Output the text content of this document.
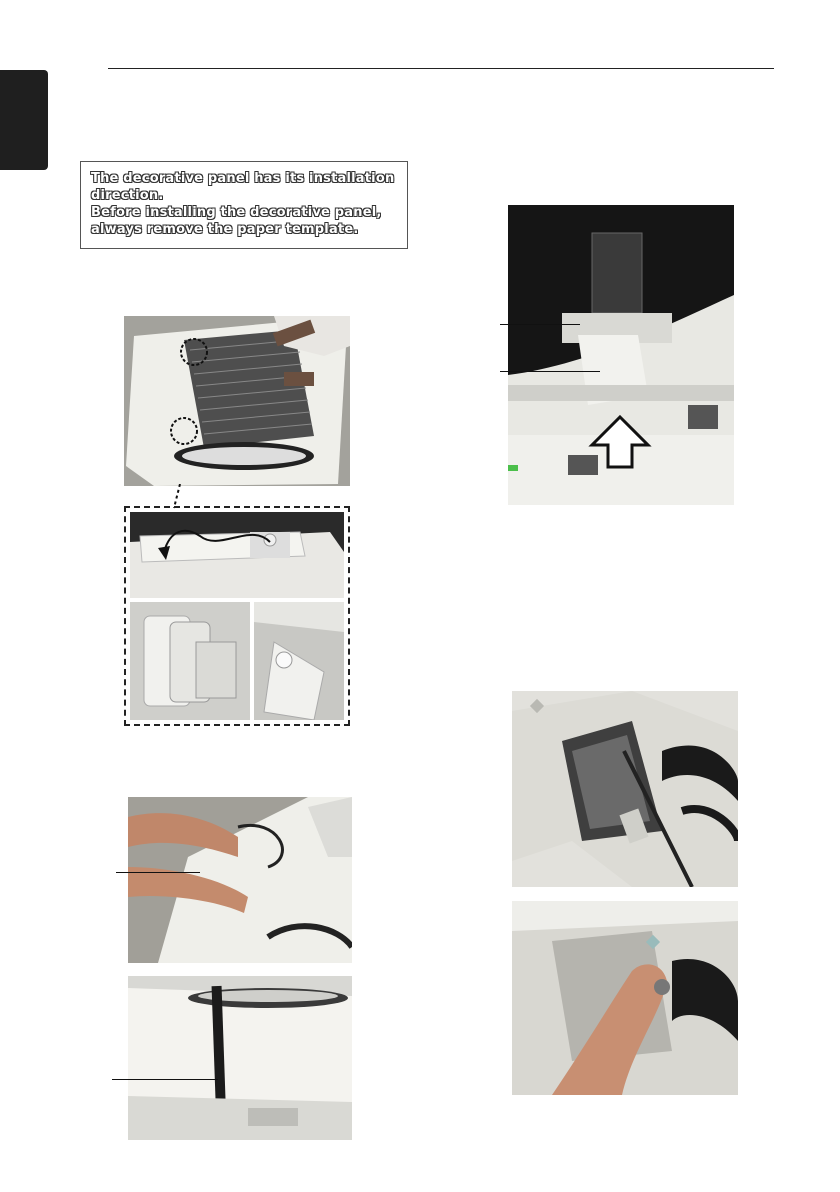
The decorative panel has its installation
direction.
Before installing the decorative panel,
always remove the paper template.
